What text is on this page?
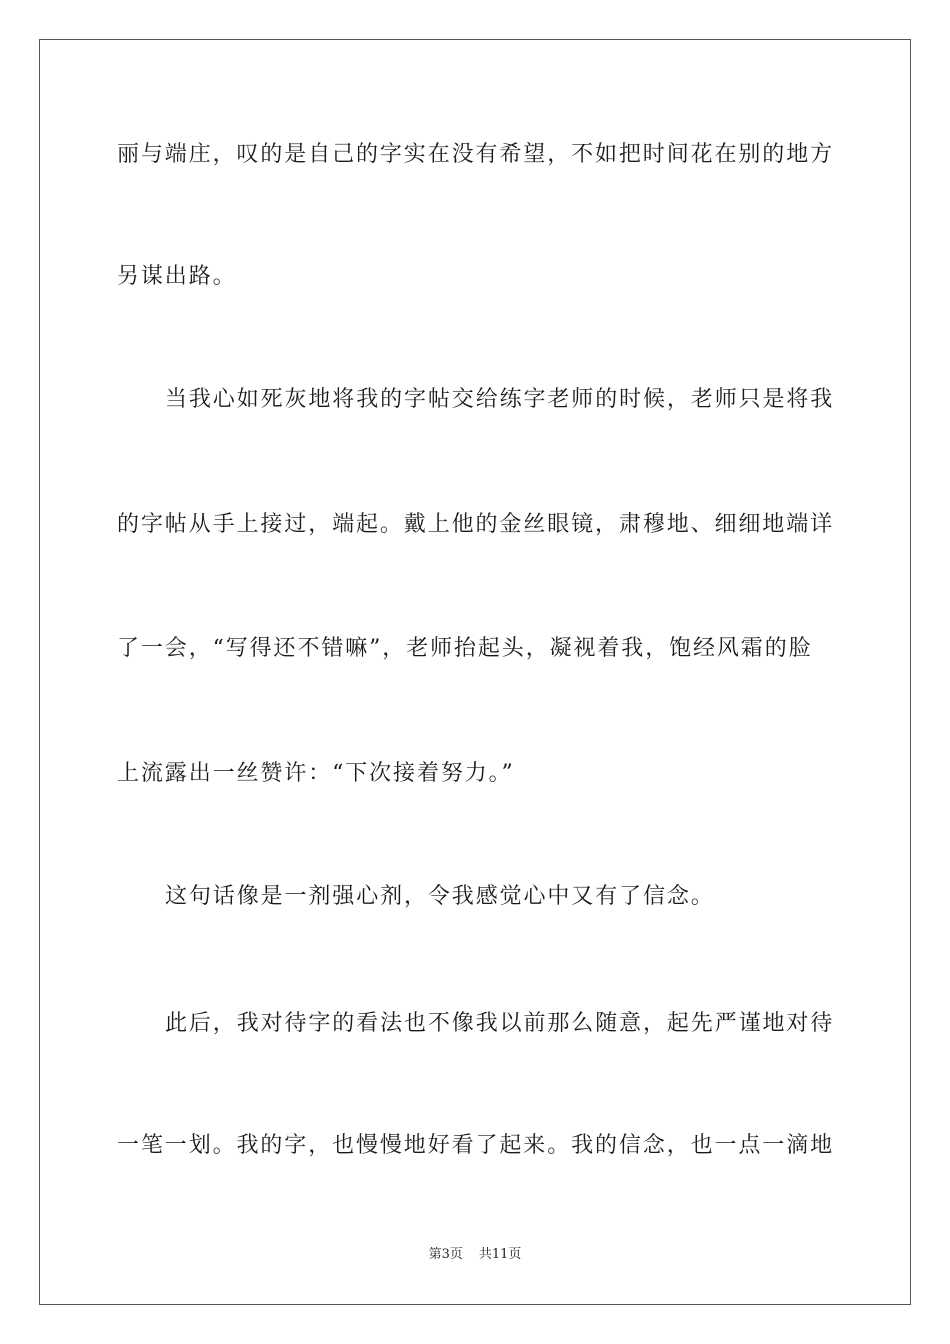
丽与端庄，叹的是自己的字实在没有希望，不如把时间花在别的地方
另谋出路。
当我心如死灰地将我的字帖交给练字老师的时候，老师只是将我
的字帖从手上接过，端起。戴上他的金丝眼镜，肃穆地、细细地端详
了一会，“写得还不错嘛”，老师抬起头，凝视着我，饱经风霜的脸
上流露出一丝赞许：“下次接着努力。”
这句话像是一剂强心剂，令我感觉心中又有了信念。
此后，我对待字的看法也不像我以前那么随意，起先严谨地对待
一笔一划。我的字，也慢慢地好看了起来。我的信念，也一点一滴地
第3页 共11页
